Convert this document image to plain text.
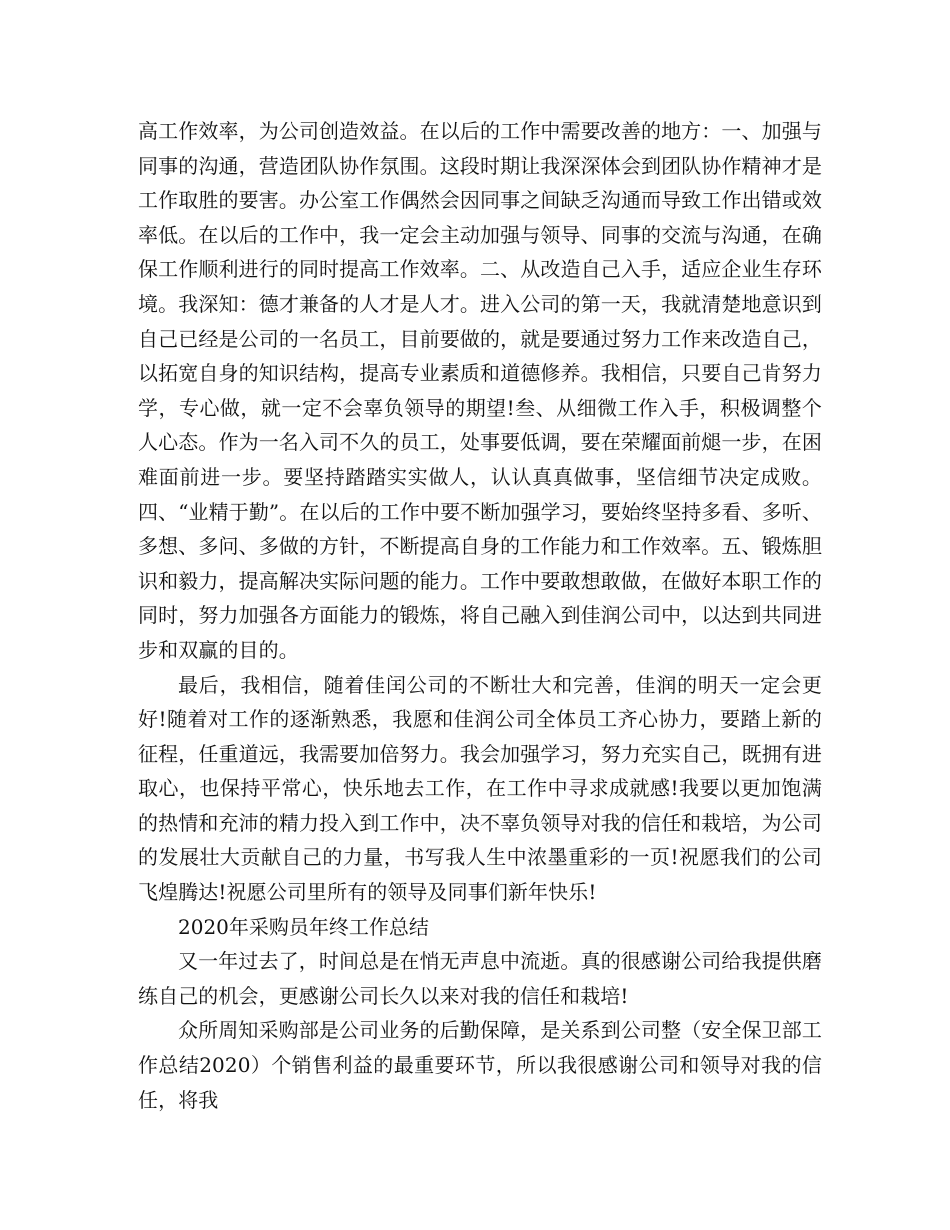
高工作效率，为公司创造效益。在以后的工作中需要改善的地方：一、加强与同事的沟通，营造团队协作氛围。这段时期让我深深体会到团队协作精神才是工作取胜的要害。办公室工作偶然会因同事之间缺乏沟通而导致工作出错或效率低。在以后的工作中，我一定会主动加强与领导、同事的交流与沟通，在确保工作顺利进行的同时提高工作效率。二、从改造自己入手，适应企业生存环境。我深知：德才兼备的人才是人才。进入公司的第一天，我就清楚地意识到自己已经是公司的一名员工，目前要做的，就是要通过努力工作来改造自己，以拓宽自身的知识结构，提高专业素质和道德修养。我相信，只要自己肯努力学，专心做，就一定不会辜负领导的期望!叁、从细微工作入手，积极调整个人心态。作为一名入司不久的员工，处事要低调，要在荣耀面前煺一步，在困难面前进一步。要坚持踏踏实实做人，认认真真做事，坚信细节决定成败。四、“业精于勤”。在以后的工作中要不断加强学习，要始终坚持多看、多听、多想、多问、多做的方针，不断提高自身的工作能力和工作效率。五、锻炼胆识和毅力，提高解决实际问题的能力。工作中要敢想敢做，在做好本职工作的同时，努力加强各方面能力的锻炼，将自己融入到佳润公司中，以达到共同进步和双赢的目的。

最后，我相信，随着佳闰公司的不断壮大和完善，佳润的明天一定会更好!随着对工作的逐渐熟悉，我愿和佳润公司全体员工齐心协力，要踏上新的征程，任重道远，我需要加倍努力。我会加强学习，努力充实自己，既拥有进取心，也保持平常心，快乐地去工作，在工作中寻求成就感!我要以更加饱满的热情和充沛的精力投入到工作中，决不辜负领导对我的信任和栽培，为公司的发展壮大贡献自己的力量，书写我人生中浓墨重彩的一页!祝愿我们的公司飞煌腾达!祝愿公司里所有的领导及同事们新年快乐!

2020年采购员年终工作总结

又一年过去了，时间总是在悄无声息中流逝。真的很感谢公司给我提供磨练自己的机会，更感谢公司长久以来对我的信任和栽培!

众所周知采购部是公司业务的后勤保障，是关系到公司整（安全保卫部工作总结2020）个销售利益的最重要环节，所以我很感谢公司和领导对我的信任，将我
